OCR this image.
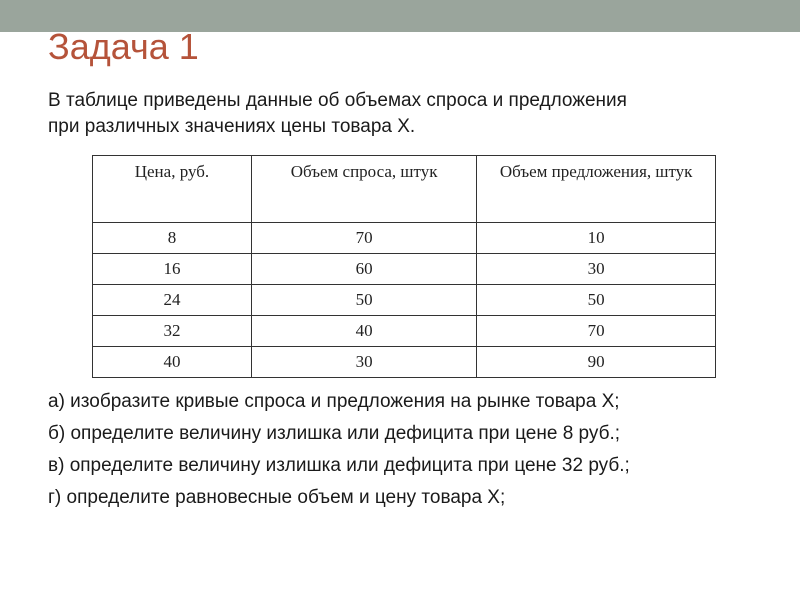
Задача 1
В таблице приведены данные об объемах спроса и предложения
при различных значениях цены товара X.
Цена, руб.	Объем спроса, штук	Объем предложения, штук
8	70	10
16	60	30
24	50	50
32	40	70
40	30	90
а) изобразите кривые спроса и предложения на рынке товара X;
б) определите величину излишка или дефицита при цене 8 руб.;
в) определите величину излишка или дефицита при цене 32 руб.;
г) определите равновесные объем и цену товара X;
